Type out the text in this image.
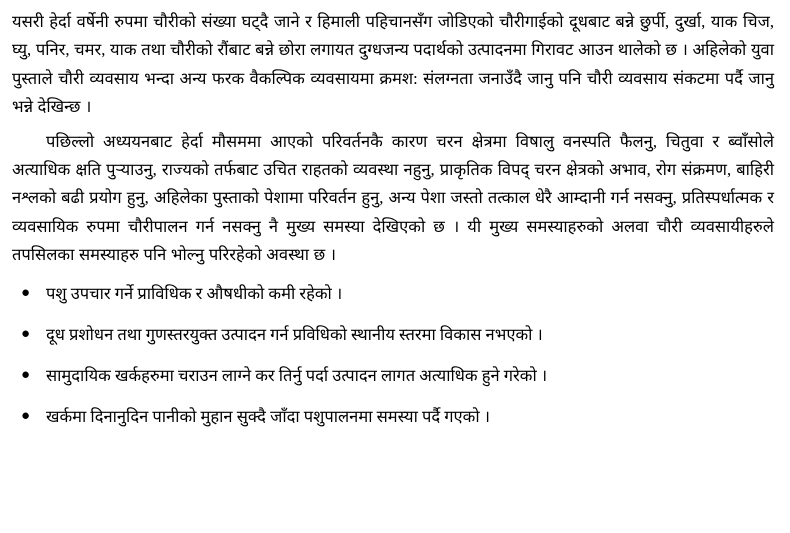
यसरी हेर्दा वर्षेनी रुपमा चौरीको संख्या घट्दै जाने र हिमाली पहिचानसँग जोडिएको चौरीगाईको दूधबाट बन्ने छुर्पी, दुर्खा, याक चिज, घ्यु, पनिर, चमर, याक तथा चौरीको रौंबाट बन्ने छोरा लगायत दुग्धजन्य पदार्थको उत्पादनमा गिरावट आउन थालेको छ । अहिलेको युवा पुस्ताले चौरी व्यवसाय भन्दा अन्य फरक वैकल्पिक व्यवसायमा क्रमश: संलग्नता जनाउँदै जानु पनि चौरी व्यवसाय संकटमा पर्दै जानु भन्ने देखिन्छ ।

पछिल्लो अध्ययनबाट हेर्दा मौसममा आएको परिवर्तनकै कारण चरन क्षेत्रमा विषालु वनस्पति फैलनु, चितुवा र ब्वाँसोले अत्याधिक क्षति पुऱ्याउनु, राज्यको तर्फबाट उचित राहतको व्यवस्था नहुनु, प्राकृतिक विपद् चरन क्षेत्रको अभाव, रोग संक्रमण, बाहिरी नश्लको बढी प्रयोग हुनु, अहिलेका पुस्ताको पेशामा परिवर्तन हुनु, अन्य पेशा जस्तो तत्काल धेरै आम्दानी गर्न नसक्नु, प्रतिस्पर्धात्मक र व्यवसायिक रुपमा चौरीपालन गर्न नसक्नु नै मुख्य समस्या देखिएको छ । यी मुख्य समस्याहरुको अलवा चौरी व्यवसायीहरुले तपसिलका समस्याहरु पनि भोल्नु परिरहेको अवस्था छ ।

● पशु उपचार गर्ने प्राविधिक र औषधीको कमी रहेको ।
● दूध प्रशोधन तथा गुणस्तरयुक्त उत्पादन गर्न प्रविधिको स्थानीय स्तरमा विकास नभएको ।
● सामुदायिक खर्कहरुमा चराउन लाग्ने कर तिर्नु पर्दा उत्पादन लागत अत्याधिक हुने गरेको ।
● खर्कमा दिनानुदिन पानीको मुहान सुक्दै जाँदा पशुपालनमा समस्या पर्दै गएको ।
